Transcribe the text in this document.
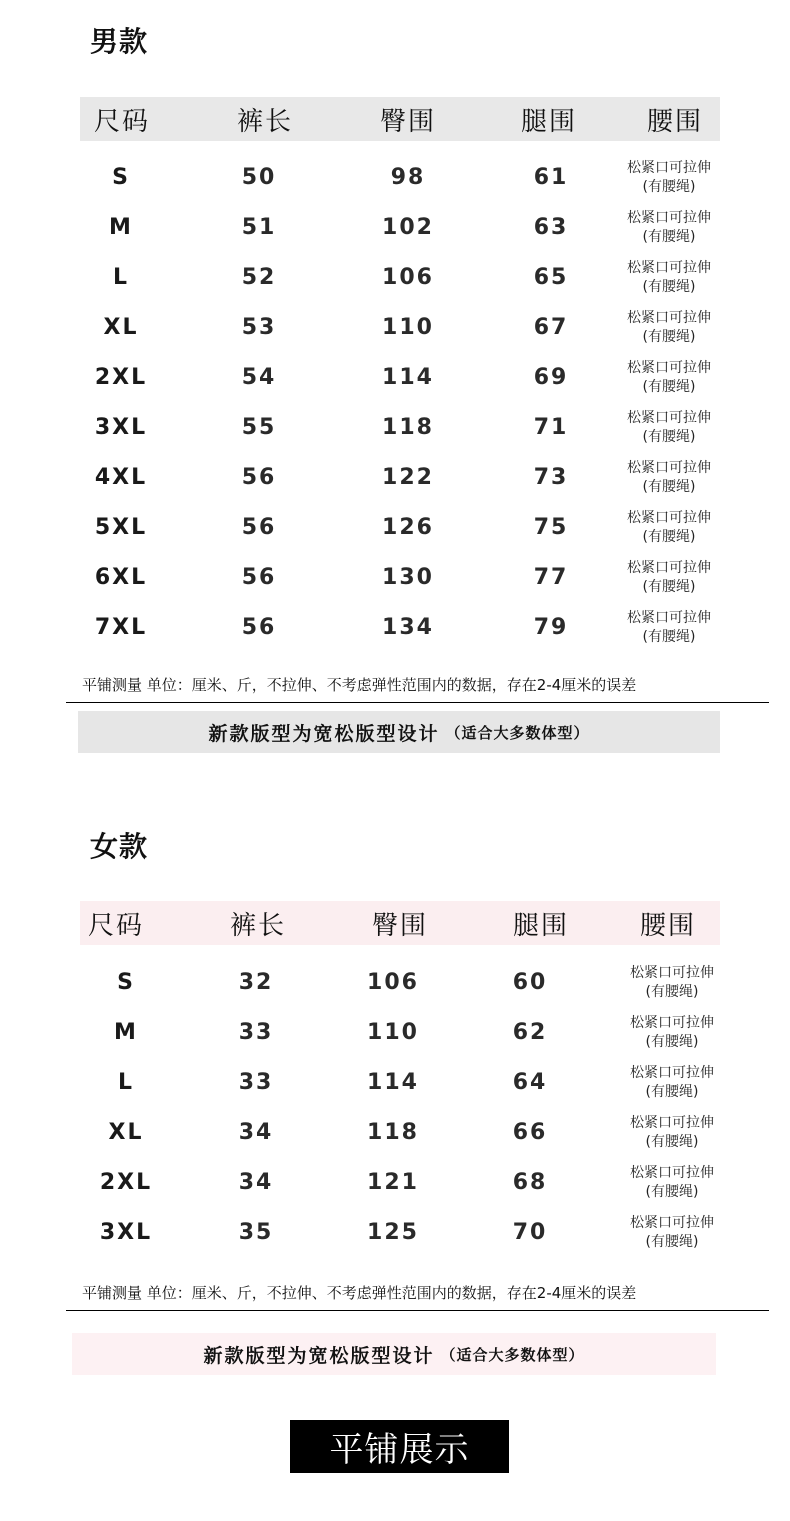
男款
尺码	裤长	臀围	腿围	腰围
S	50	98	61	松紧口可拉伸
(有腰绳)
M	51	102	63	松紧口可拉伸
(有腰绳)
L	52	106	65	松紧口可拉伸
(有腰绳)
XL	53	110	67	松紧口可拉伸
(有腰绳)
2XL	54	114	69	松紧口可拉伸
(有腰绳)
3XL	55	118	71	松紧口可拉伸
(有腰绳)
4XL	56	122	73	松紧口可拉伸
(有腰绳)
5XL	56	126	75	松紧口可拉伸
(有腰绳)
6XL	56	130	77	松紧口可拉伸
(有腰绳)
7XL	56	134	79	松紧口可拉伸
(有腰绳)
平铺测量 单位：厘米、斤，不拉伸、不考虑弹性范围内的数据，存在2-4厘米的误差
新款版型为宽松版型设计 （适合大多数体型）
女款
尺码	裤长	臀围	腿围	腰围
S	32	106	60	松紧口可拉伸
(有腰绳)
M	33	110	62	松紧口可拉伸
(有腰绳)
L	33	114	64	松紧口可拉伸
(有腰绳)
XL	34	118	66	松紧口可拉伸
(有腰绳)
2XL	34	121	68	松紧口可拉伸
(有腰绳)
3XL	35	125	70	松紧口可拉伸
(有腰绳)
平铺测量 单位：厘米、斤，不拉伸、不考虑弹性范围内的数据，存在2-4厘米的误差
新款版型为宽松版型设计 （适合大多数体型）
平铺展示
